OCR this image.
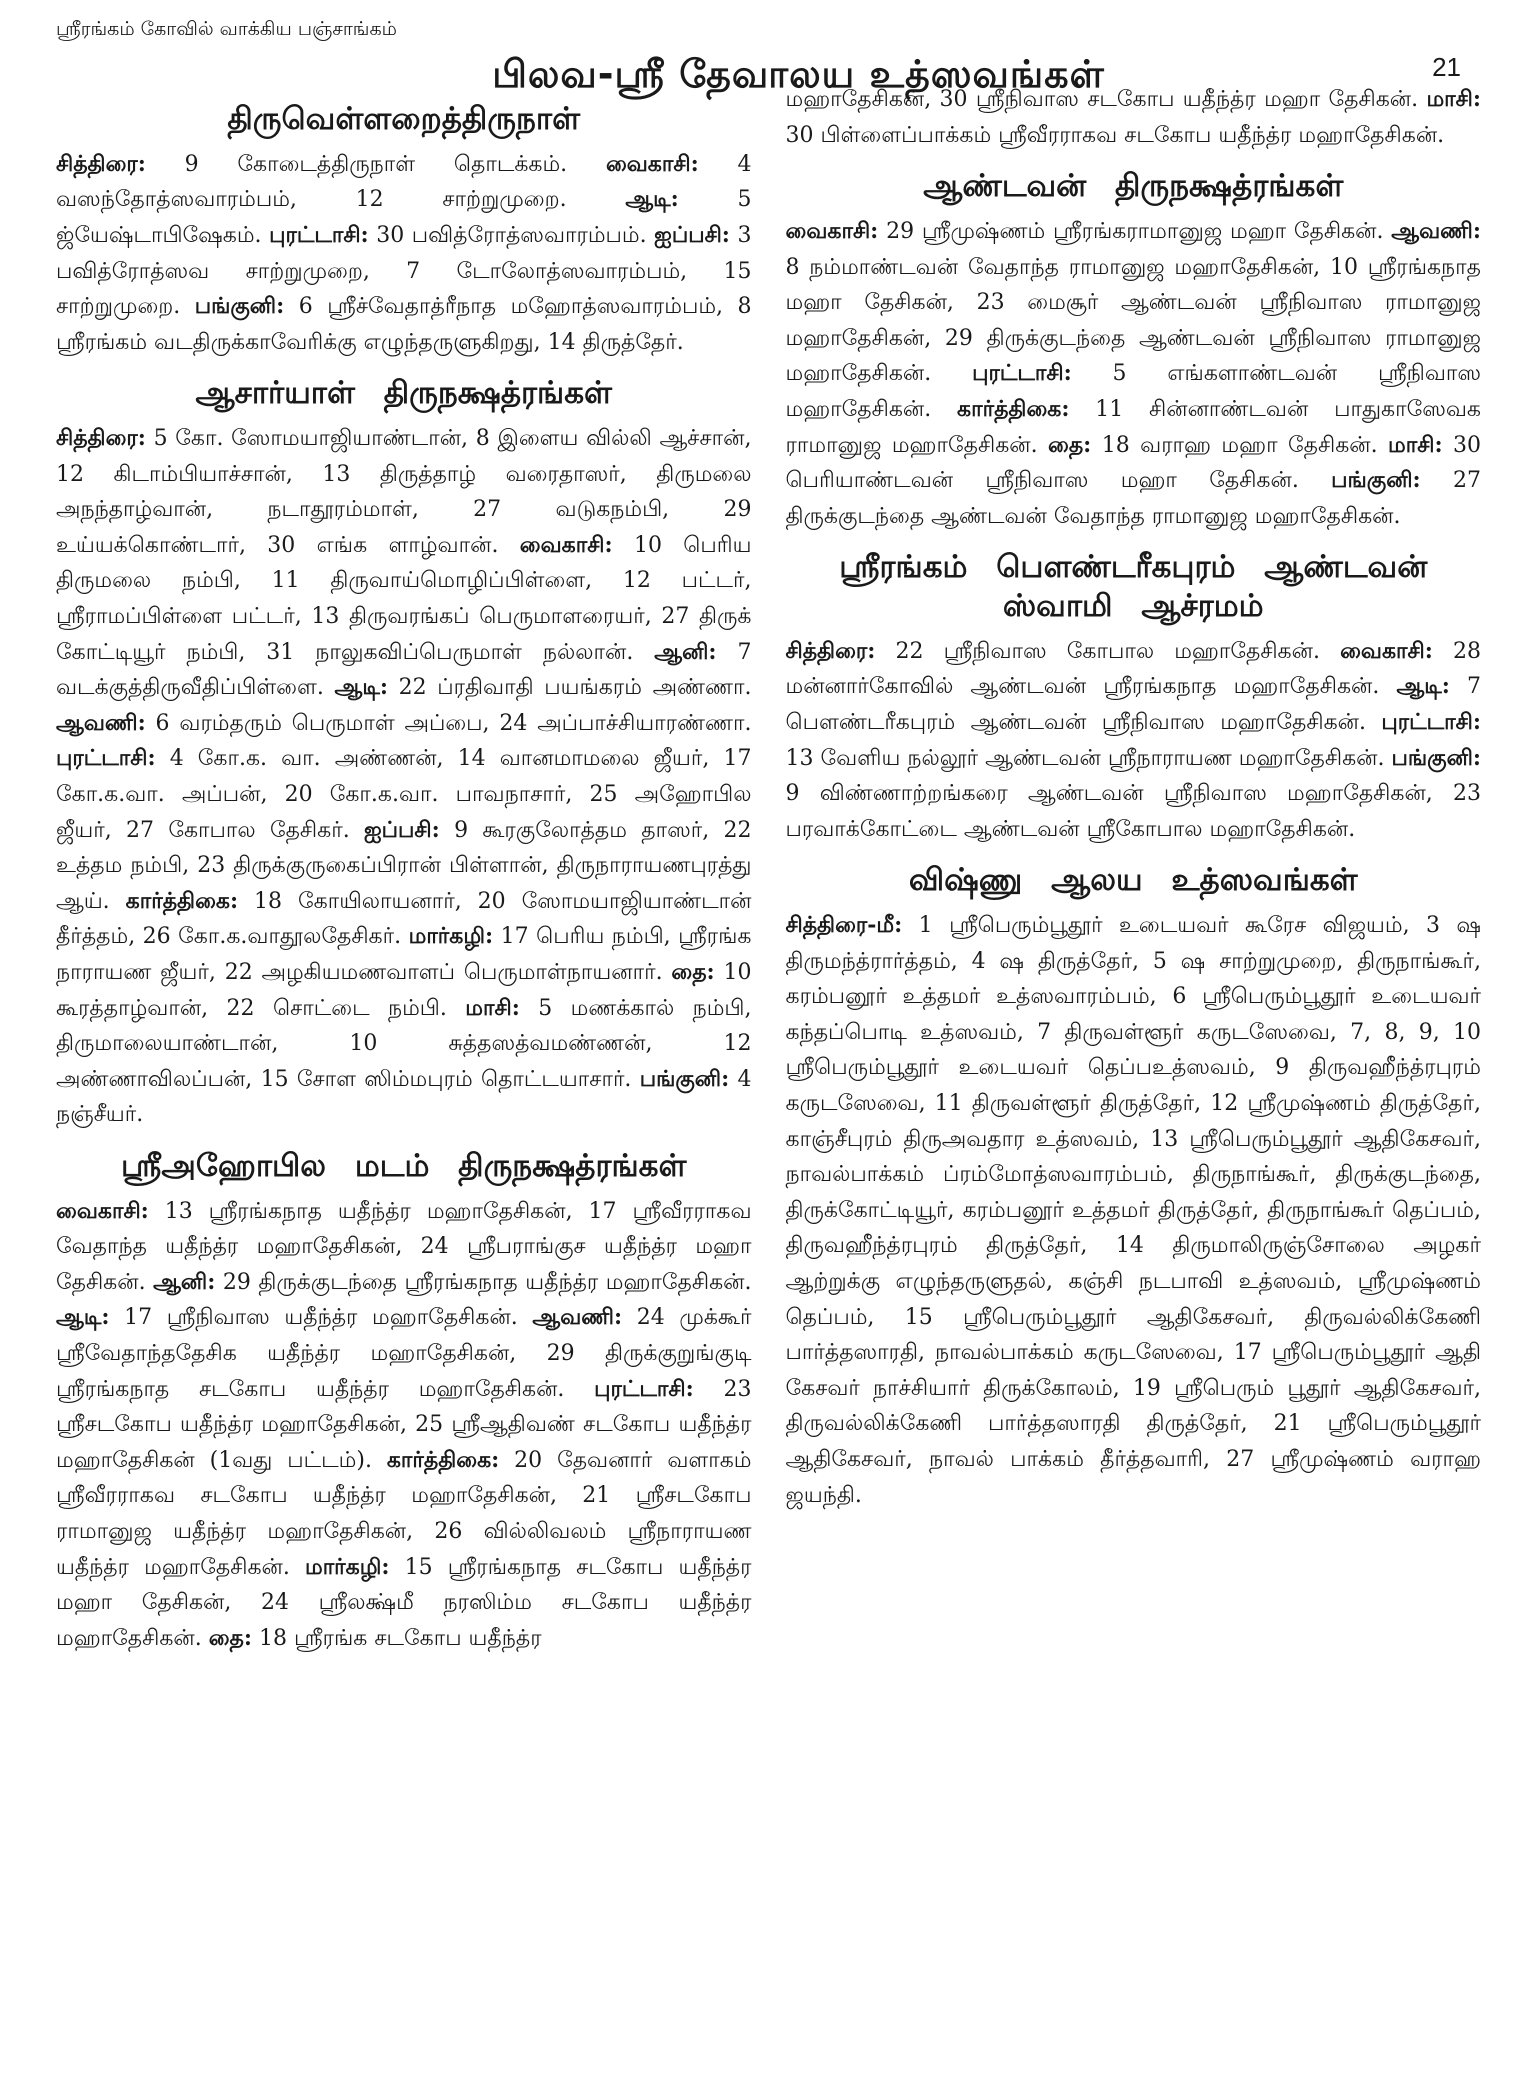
ஸ்ரீரங்கம் கோவில் வாக்கிய பஞ்சாங்கம்
பிலவ-ஸ்ரீ தேவாலய உத்ஸவங்கள்	21
திருவெள்ளறைத்திருநாள்

சித்திரை: 9 கோடைத்திருநாள் தொடக்கம். வைகாசி: 4 வஸந்தோத்ஸவாரம்பம், 12 சாற்றுமுறை. ஆடி: 5 ஜ்யேஷ்டாபிஷேகம். புரட்டாசி: 30 பவித்ரோத்ஸவாரம்பம். ஐப்பசி: 3 பவித்ரோத்ஸவ சாற்றுமுறை, 7 டோலோத்ஸவாரம்பம், 15 சாற்றுமுறை. பங்குனி: 6 ஸ்ரீச்வேதாத்ரீநாத மஹோத்ஸவாரம்பம், 8 ஸ்ரீரங்கம் வடதிருக்காவேரிக்கு எழுந்தருளுகிறது, 14 திருத்தேர்.

ஆசார்யாள் திருநக்ஷத்ரங்கள்

சித்திரை: 5 கோ. ஸோமயாஜியாண்டான், 8 இளைய வில்லி ஆச்சான், 12 கிடாம்பியாச்சான், 13 திருத்தாழ் வரைதாஸர், திருமலை அநந்தாழ்வான், நடாதூரம்மாள், 27 வடுகநம்பி, 29 உய்யக்கொண்டார், 30 எங்க ளாழ்வான். வைகாசி: 10 பெரிய திருமலை நம்பி, 11 திருவாய்மொழிப்பிள்ளை, 12 பட்டர், ஸ்ரீராமப்பிள்ளை பட்டர், 13 திருவரங்கப் பெருமாளரையர், 27 திருக் கோட்டியூர் நம்பி, 31 நாலுகவிப்பெருமாள் நல்லான். ஆனி: 7 வடக்குத்திருவீதிப்பிள்ளை. ஆடி: 22 ப்ரதிவாதி பயங்கரம் அண்ணா. ஆவணி: 6 வரம்தரும் பெருமாள் அப்பை, 24 அப்பாச்சியாரண்ணா. புரட்டாசி: 4 கோ.க. வா. அண்ணன், 14 வானமாமலை ஜீயர், 17 கோ.க.வா. அப்பன், 20 கோ.க.வா. பாவநாசார், 25 அஹோபில ஜீயர், 27 கோபால தேசிகர். ஐப்பசி: 9 கூரகுலோத்தம தாஸர், 22 உத்தம நம்பி, 23 திருக்குருகைப்பிரான் பிள்ளான், திருநாராயணபுரத்து ஆய். கார்த்திகை: 18 கோயிலாயனார், 20 ஸோமயாஜியாண்டான் தீர்த்தம், 26 கோ.க.வாதூலதேசிகர். மார்கழி: 17 பெரிய நம்பி, ஸ்ரீரங்க நாராயண ஜீயர், 22 அழகியமணவாளப் பெருமாள்நாயனார். தை: 10 கூரத்தாழ்வான், 22 சொட்டை நம்பி. மாசி: 5 மணக்கால் நம்பி, திருமாலையாண்டான், 10 சுத்தஸத்வமண்ணன், 12 அண்ணாவிலப்பன், 15 சோள ஸிம்மபுரம் தொட்டயாசார். பங்குனி: 4 நஞ்சீயர்.

ஸ்ரீஅஹோபில மடம் திருநக்ஷத்ரங்கள்

வைகாசி: 13 ஸ்ரீரங்கநாத யதீந்த்ர மஹாதேசிகன், 17 ஸ்ரீவீரராகவ வேதாந்த யதீந்த்ர மஹாதேசிகன், 24 ஸ்ரீபராங்குச யதீந்த்ர மஹா தேசிகன். ஆனி: 29 திருக்குடந்தை ஸ்ரீரங்கநாத யதீந்த்ர மஹாதேசிகன். ஆடி: 17 ஸ்ரீநிவாஸ யதீந்த்ர மஹாதேசிகன். ஆவணி: 24 முக்கூர் ஸ்ரீவேதாந்ததேசிக யதீந்த்ர மஹாதேசிகன், 29 திருக்குறுங்குடி ஸ்ரீரங்கநாத சடகோப யதீந்த்ர மஹாதேசிகன். புரட்டாசி: 23 ஸ்ரீசடகோப யதீந்த்ர மஹாதேசிகன், 25 ஸ்ரீஆதிவண் சடகோப யதீந்த்ர மஹாதேசிகன் (1வது பட்டம்). கார்த்திகை: 20 தேவனார் வளாகம் ஸ்ரீவீரராகவ சடகோப யதீந்த்ர மஹாதேசிகன், 21 ஸ்ரீசடகோப ராமானுஜ யதீந்த்ர மஹாதேசிகன், 26 வில்லிவலம் ஸ்ரீநாராயண யதீந்த்ர மஹாதேசிகன். மார்கழி: 15 ஸ்ரீரங்கநாத சடகோப யதீந்த்ர மஹா தேசிகன், 24 ஸ்ரீலக்ஷ்மீ நரஸிம்ம சடகோப யதீந்த்ர மஹாதேசிகன். தை: 18 ஸ்ரீரங்க சடகோப யதீந்த்ர

மஹாதேசிகன், 30 ஸ்ரீநிவாஸ சடகோப யதீந்த்ர மஹா தேசிகன். மாசி: 30 பிள்ளைப்பாக்கம் ஸ்ரீவீரராகவ சடகோப யதீந்த்ர மஹாதேசிகன்.

ஆண்டவன் திருநக்ஷத்ரங்கள்

வைகாசி: 29 ஸ்ரீமுஷ்ணம் ஸ்ரீரங்கராமானுஜ மஹா தேசிகன். ஆவணி: 8 நம்மாண்டவன் வேதாந்த ராமானுஜ மஹாதேசிகன், 10 ஸ்ரீரங்கநாத மஹா தேசிகன், 23 மைசூர் ஆண்டவன் ஸ்ரீநிவாஸ ராமானுஜ மஹாதேசிகன், 29 திருக்குடந்தை ஆண்டவன் ஸ்ரீநிவாஸ ராமானுஜ மஹாதேசிகன். புரட்டாசி: 5 எங்களாண்டவன் ஸ்ரீநிவாஸ மஹாதேசிகன். கார்த்திகை: 11 சின்னாண்டவன் பாதுகாஸேவக ராமானுஜ மஹாதேசிகன். தை: 18 வராஹ மஹா தேசிகன். மாசி: 30 பெரியாண்டவன் ஸ்ரீநிவாஸ மஹா தேசிகன். பங்குனி: 27 திருக்குடந்தை ஆண்டவன் வேதாந்த ராமானுஜ மஹாதேசிகன்.

ஸ்ரீரங்கம் பௌண்டரீகபுரம் ஆண்டவன் ஸ்வாமி ஆச்ரமம்

சித்திரை: 22 ஸ்ரீநிவாஸ கோபால மஹாதேசிகன். வைகாசி: 28 மன்னார்கோவில் ஆண்டவன் ஸ்ரீரங்கநாத மஹாதேசிகன். ஆடி: 7 பௌண்டரீகபுரம் ஆண்டவன் ஸ்ரீநிவாஸ மஹாதேசிகன். புரட்டாசி: 13 வேளிய நல்லூர் ஆண்டவன் ஸ்ரீநாராயண மஹாதேசிகன். பங்குனி: 9 விண்ணாற்றங்கரை ஆண்டவன் ஸ்ரீநிவாஸ மஹாதேசிகன், 23 பரவாக்கோட்டை ஆண்டவன் ஸ்ரீகோபால மஹாதேசிகன்.

விஷ்ணு ஆலய உத்ஸவங்கள்

சித்திரை-மீ: 1 ஸ்ரீபெரும்பூதூர் உடையவர் கூரேச விஜயம், 3 ஷ திருமந்த்ரார்த்தம், 4 ஷ திருத்தேர், 5 ஷ சாற்றுமுறை, திருநாங்கூர், கரம்பனூர் உத்தமர் உத்ஸவாரம்பம், 6 ஸ்ரீபெரும்பூதூர் உடையவர் கந்தப்பொடி உத்ஸவம், 7 திருவள்ளூர் கருடஸேவை, 7, 8, 9, 10 ஸ்ரீபெரும்பூதூர் உடையவர் தெப்பஉத்ஸவம், 9 திருவஹீந்த்ரபுரம் கருடஸேவை, 11 திருவள்ளூர் திருத்தேர், 12 ஸ்ரீமுஷ்ணம் திருத்தேர், காஞ்சீபுரம் திருஅவதார உத்ஸவம், 13 ஸ்ரீபெரும்பூதூர் ஆதிகேசவர், நாவல்பாக்கம் ப்ரம்மோத்ஸவாரம்பம், திருநாங்கூர், திருக்குடந்தை, திருக்கோட்டியூர், கரம்பனூர் உத்தமர் திருத்தேர், திருநாங்கூர் தெப்பம், திருவஹீந்த்ரபுரம் திருத்தேர், 14 திருமாலிருஞ்சோலை அழகர் ஆற்றுக்கு எழுந்தருளுதல், கஞ்சி நடபாவி உத்ஸவம், ஸ்ரீமுஷ்ணம் தெப்பம், 15 ஸ்ரீபெரும்பூதூர் ஆதிகேசவர், திருவல்லிக்கேணி பார்த்தஸாரதி, நாவல்பாக்கம் கருடஸேவை, 17 ஸ்ரீபெரும்பூதூர் ஆதி கேசவர் நாச்சியார் திருக்கோலம், 19 ஸ்ரீபெரும் பூதூர் ஆதிகேசவர், திருவல்லிக்கேணி பார்த்தஸாரதி திருத்தேர், 21 ஸ்ரீபெரும்பூதூர் ஆதிகேசவர், நாவல் பாக்கம் தீர்த்தவாரி, 27 ஸ்ரீமுஷ்ணம் வராஹ ஜயந்தி.
